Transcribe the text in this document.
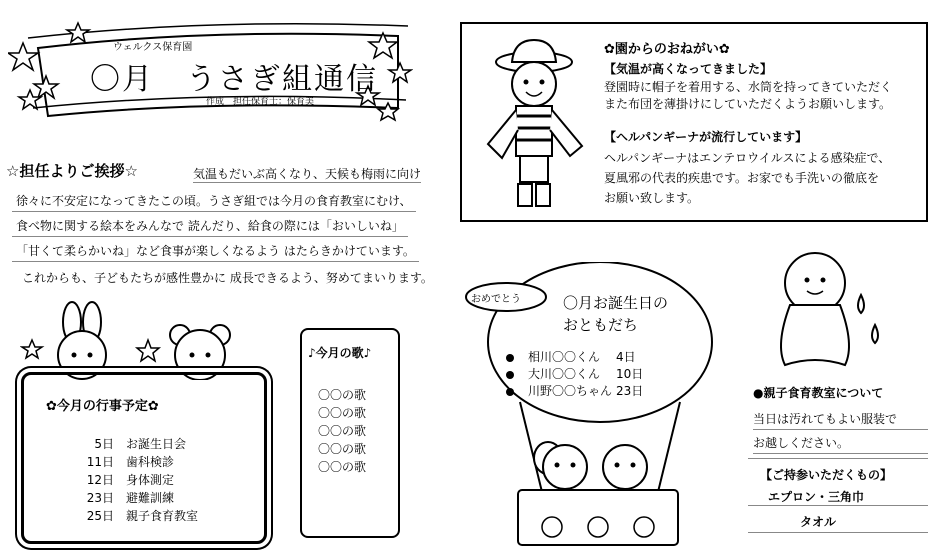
ウェルクス保育園
〇月　うさぎ組通信
作成　担任保育士：保育美
☆担任よりご挨拶☆	気温もだいぶ高くなり、天候も梅雨に向け
徐々に不安定になってきたこの頃。うさぎ組では今月の食育教室にむけ、
食べ物に関する絵本をみんなで 読んだり、給食の際には「おいしいね」
「甘くて柔らかいね」など食事が楽しくなるよう はたらきかけています。
これからも、子どもたちが感性豊かに 成長できるよう、努めてまいります。
✿園からのおねがい✿
【気温が高くなってきました】
登園時に帽子を着用する、水筒を持ってきていただく
また布団を薄掛けにしていただくようお願いします。
【ヘルパンギーナが流行しています】
ヘルパンギーナはエンテロウイルスによる感染症で、
夏風邪の代表的疾患です。お家でも手洗いの徹底を
お願い致します。
✿今月の行事予定✿
5日 お誕生日会
11日 歯科検診
12日 身体測定
23日 避難訓練
25日 親子食育教室
♪今月の歌♪
〇〇の歌
〇〇の歌
〇〇の歌
〇〇の歌
〇〇の歌
おめでとう	〇月お誕生日の
おともだち
相川〇〇くん 4日
大川〇〇くん 10日
川野〇〇ちゃん 23日	●親子食育教室について
当日は汚れてもよい服装で
お越しください。
【ご持参いただくもの】
エプロン・三角巾
タオル
